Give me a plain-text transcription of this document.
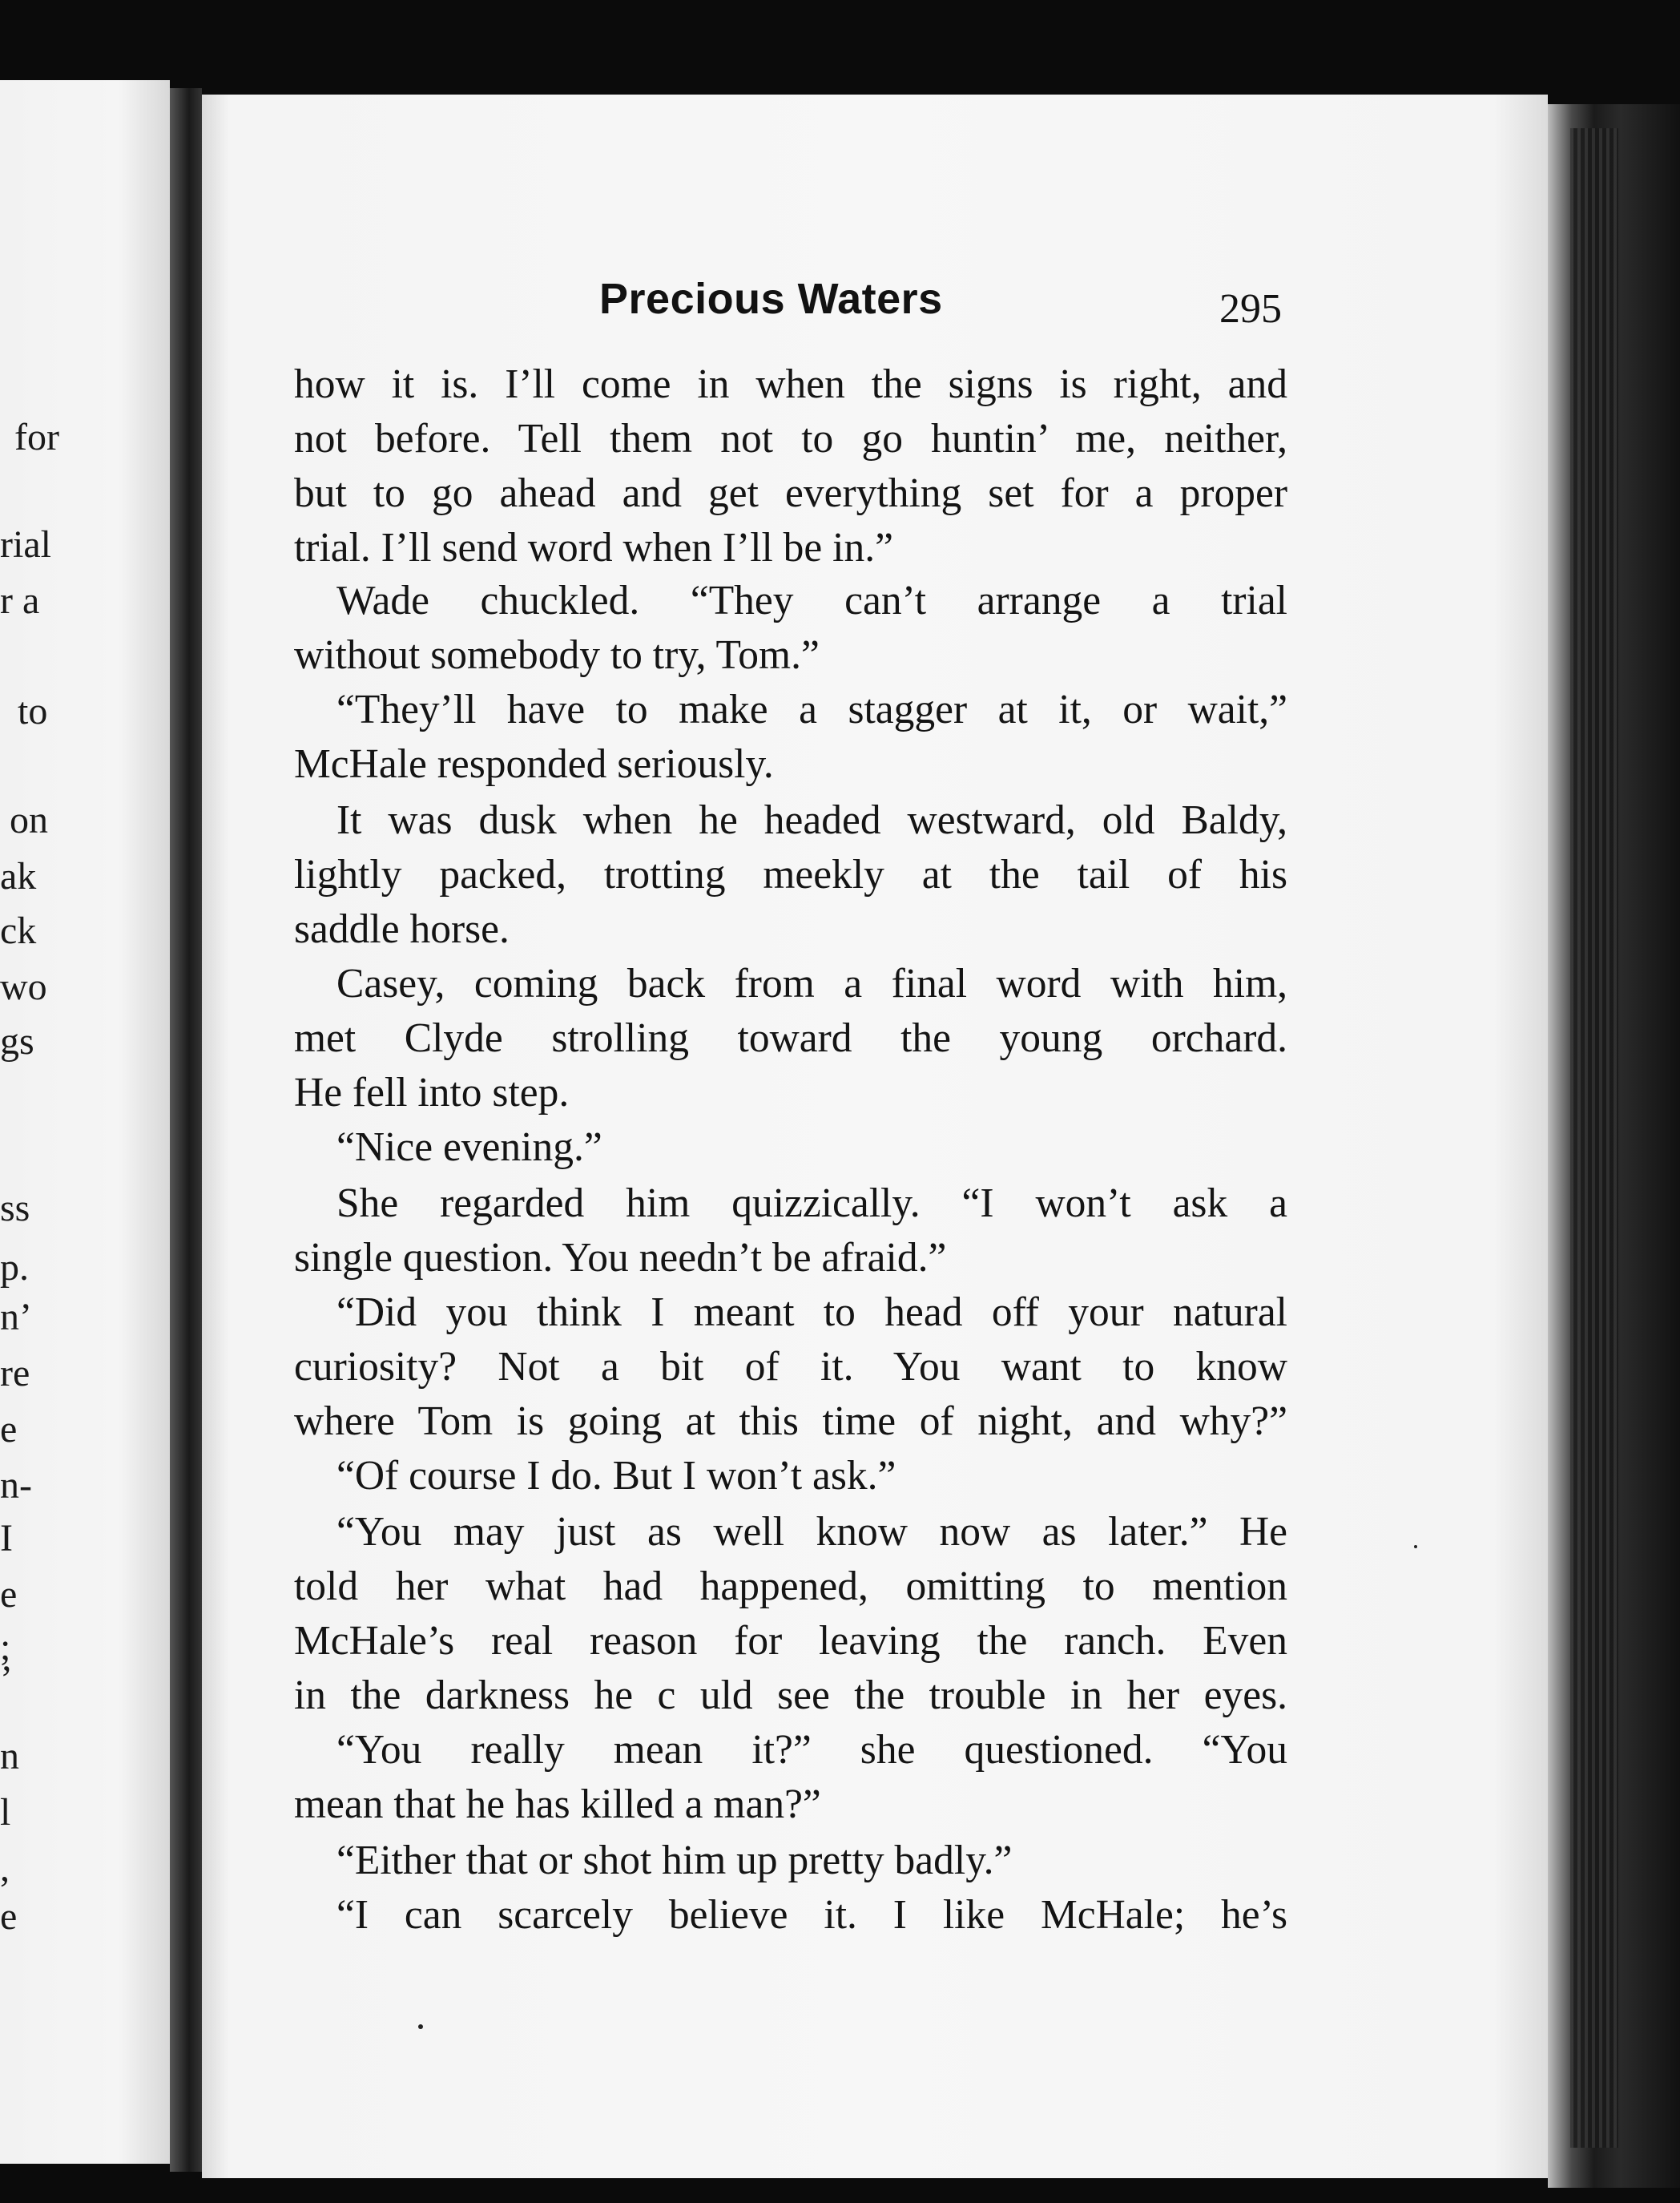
for
rial
r a
to
on
ak
ck
wo
gs
ss
p.
n’
re
e
n-
I
e
;
’
n
l
,
e
Precious Waters	295
how it is. I’ll come in when the signs is right, and
not before. Tell them not to go huntin’ me, neither,
but to go ahead and get everything set for a proper
trial. I’ll send word when I’ll be in.”
Wade chuckled. “They can’t arrange a trial
without somebody to try, Tom.”
“They’ll have to make a stagger at it, or wait,”
McHale responded seriously.
It was dusk when he headed westward, old Baldy,
lightly packed, trotting meekly at the tail of his
saddle horse.
Casey, coming back from a final word with him,
met Clyde strolling toward the young orchard.
He fell into step.
“Nice evening.”
She regarded him quizzically. “I won’t ask a
single question. You needn’t be afraid.”
“Did you think I meant to head off your natural
curiosity? Not a bit of it. You want to know
where Tom is going at this time of night, and why?”
“Of course I do. But I won’t ask.”
“You may just as well know now as later.” He
told her what had happened, omitting to mention
McHale’s real reason for leaving the ranch. Even
in the darkness he c uld see the trouble in her eyes.
“You really mean it?” she questioned. “You
mean that he has killed a man?”
“Either that or shot him up pretty badly.”
“I can scarcely believe it. I like McHale; he’s
